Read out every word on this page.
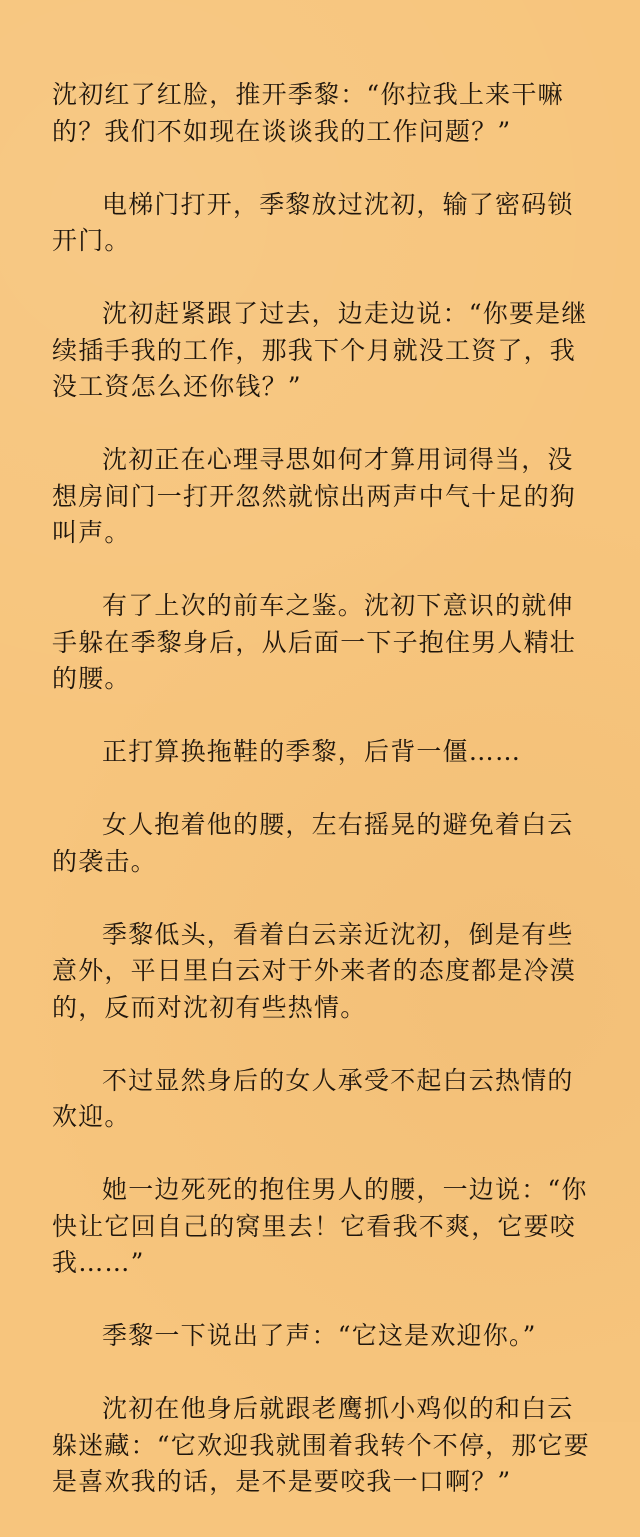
沈初红了红脸，推开季黎：“你拉我上来干嘛的？我们不如现在谈谈我的工作问题？”

电梯门打开，季黎放过沈初，输了密码锁开门。

沈初赶紧跟了过去，边走边说：“你要是继续插手我的工作，那我下个月就没工资了，我没工资怎么还你钱？”

沈初正在心理寻思如何才算用词得当，没想房间门一打开忽然就惊出两声中气十足的狗叫声。

有了上次的前车之鉴。沈初下意识的就伸手躲在季黎身后，从后面一下子抱住男人精壮的腰。

正打算换拖鞋的季黎，后背一僵……

女人抱着他的腰，左右摇晃的避免着白云的袭击。

季黎低头，看着白云亲近沈初，倒是有些意外，平日里白云对于外来者的态度都是冷漠的，反而对沈初有些热情。

不过显然身后的女人承受不起白云热情的欢迎。

她一边死死的抱住男人的腰，一边说：“你快让它回自己的窝里去！它看我不爽，它要咬我……”

季黎一下说出了声：“它这是欢迎你。”

沈初在他身后就跟老鹰抓小鸡似的和白云躲迷藏：“它欢迎我就围着我转个不停，那它要是喜欢我的话，是不是要咬我一口啊？”
